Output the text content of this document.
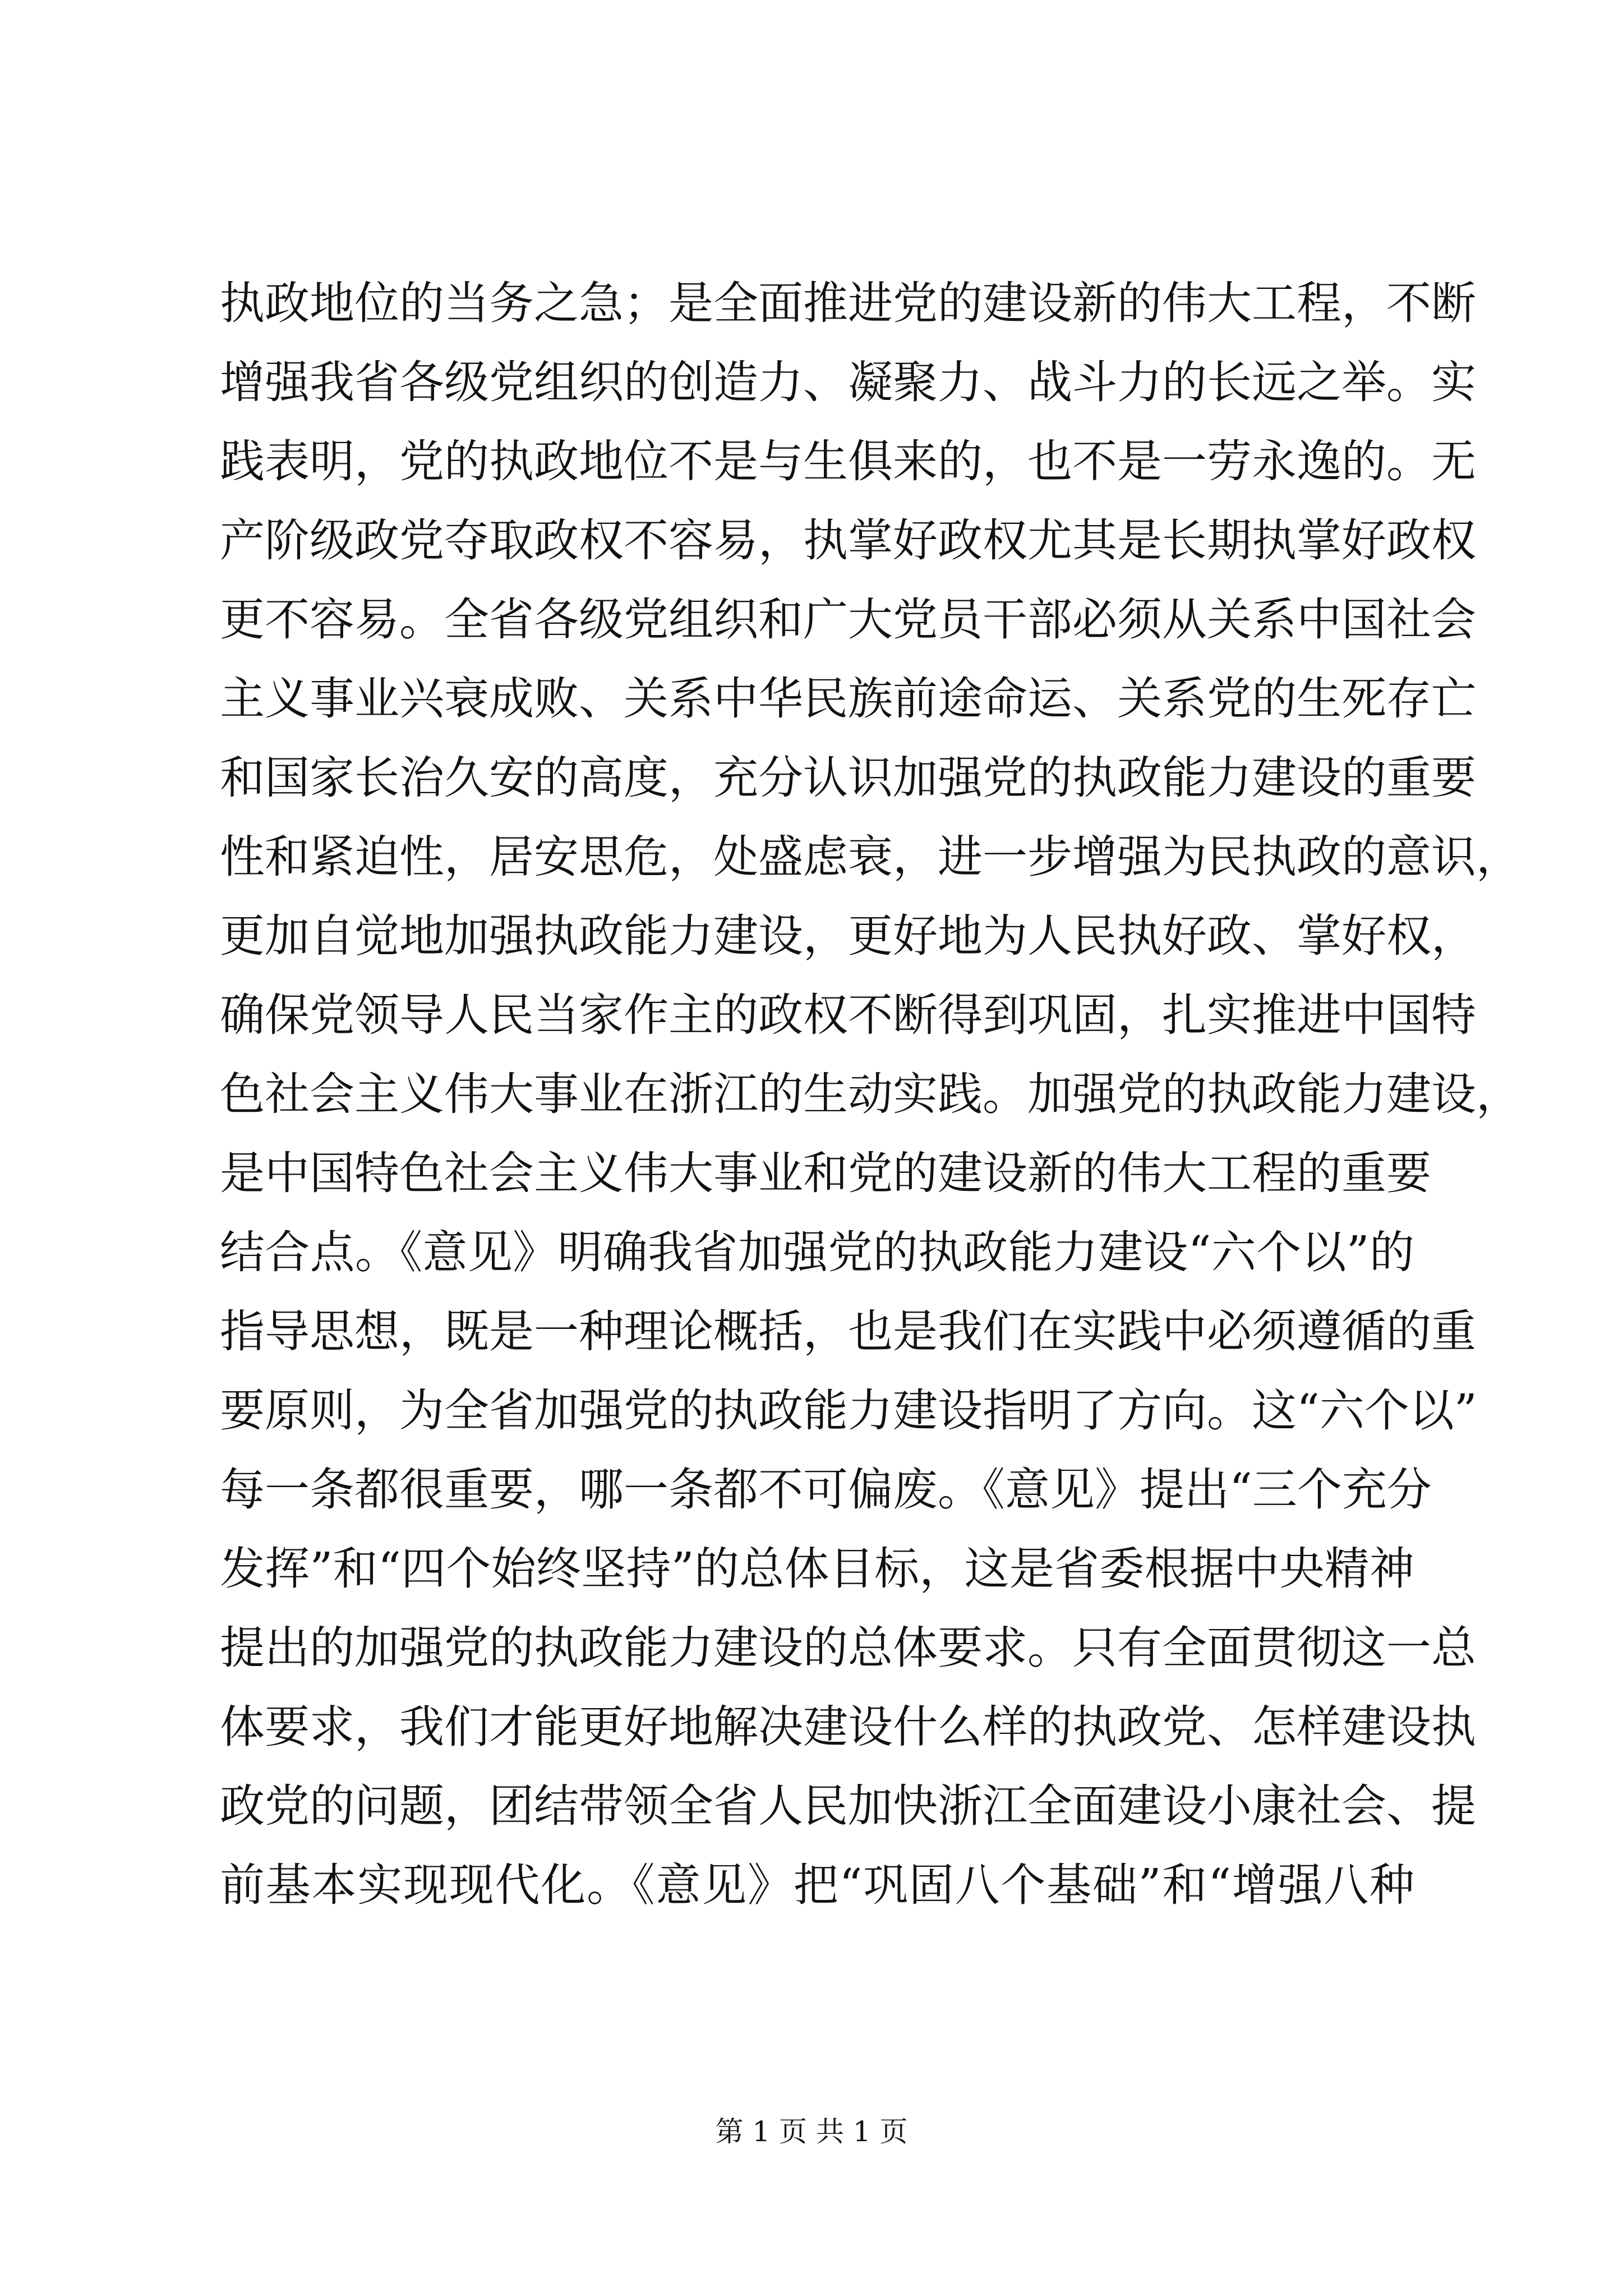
执政地位的当务之急；是全面推进党的建设新的伟大工程，不断
增强我省各级党组织的创造力、凝聚力、战斗力的长远之举。实
践表明，党的执政地位不是与生俱来的，也不是一劳永逸的。无
产阶级政党夺取政权不容易，执掌好政权尤其是长期执掌好政权
更不容易。全省各级党组织和广大党员干部必须从关系中国社会
主义事业兴衰成败、关系中华民族前途命运、关系党的生死存亡
和国家长治久安的高度，充分认识加强党的执政能力建设的重要
性和紧迫性，居安思危，处盛虑衰，进一步增强为民执政的意识，
更加自觉地加强执政能力建设，更好地为人民执好政、掌好权，
确保党领导人民当家作主的政权不断得到巩固，扎实推进中国特
色社会主义伟大事业在浙江的生动实践。加强党的执政能力建设，
是中国特色社会主义伟大事业和党的建设新的伟大工程的重要
结合点。《意见》明确我省加强党的执政能力建设“六个以”的
指导思想，既是一种理论概括，也是我们在实践中必须遵循的重
要原则，为全省加强党的执政能力建设指明了方向。这“六个以”
每一条都很重要，哪一条都不可偏废。《意见》提出“三个充分
发挥”和“四个始终坚持”的总体目标，这是省委根据中央精神
提出的加强党的执政能力建设的总体要求。只有全面贯彻这一总
体要求，我们才能更好地解决建设什么样的执政党、怎样建设执
政党的问题，团结带领全省人民加快浙江全面建设小康社会、提
前基本实现现代化。《意见》把“巩固八个基础”和“增强八种
第 1 页 共 1 页
